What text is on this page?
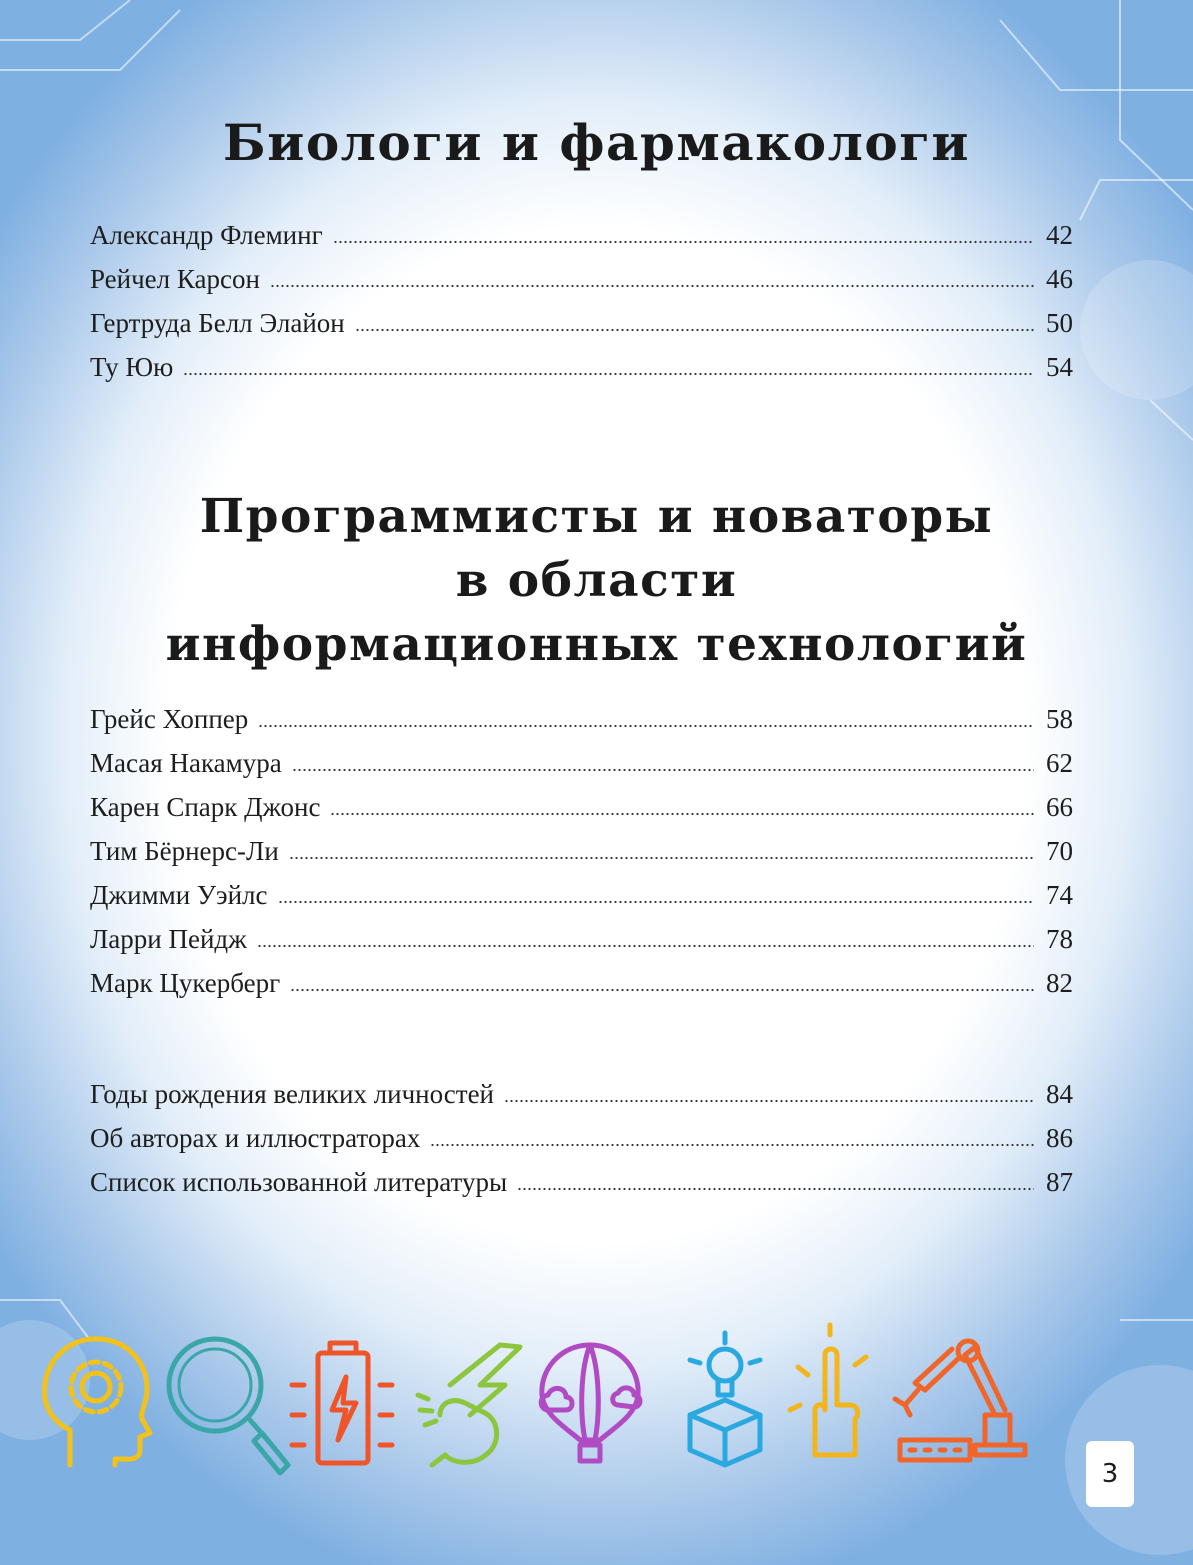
Биологи и фармакологи
Александр Флеминг	42
Рейчел Карсон	46
Гертруда Белл Элайон	50
Ту Юю	54
Программисты и новаторы
в области
информационных технологий
Грейс Хоппер	58
Масая Накамура	62
Карен Спарк Джонс	66
Тим Бёрнерс-Ли	70
Джимми Уэйлс	74
Ларри Пейдж	78
Марк Цукерберг	82
Годы рождения великих личностей	84
Об авторах и иллюстраторах	86
Список использованной литературы	87
3
